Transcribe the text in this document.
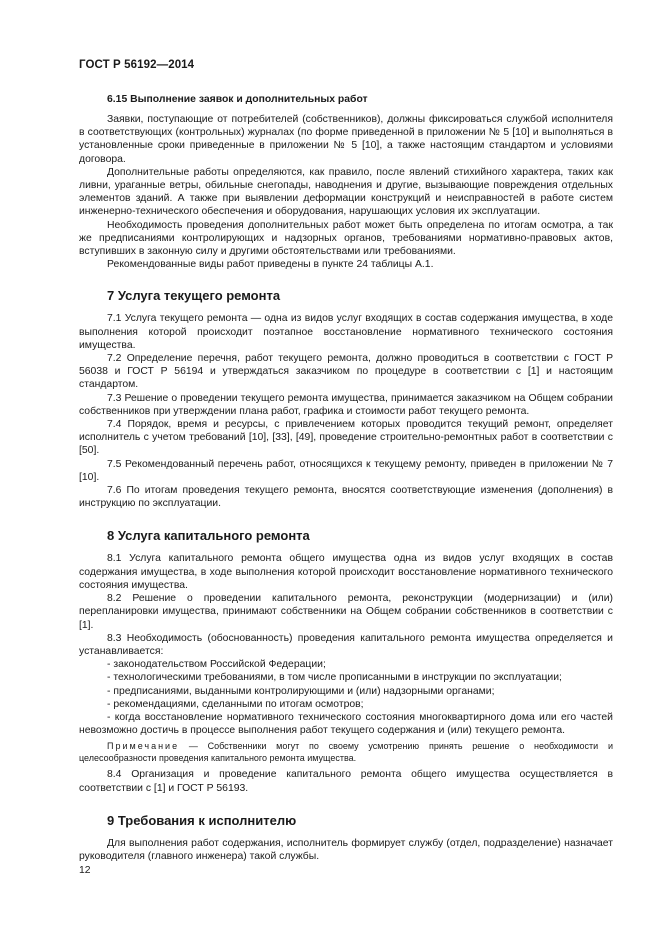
ГОСТ Р 56192—2014
6.15 Выполнение заявок и дополнительных работ

Заявки, поступающие от потребителей (собственников), должны фиксироваться службой исполнителя в соответствующих (контрольных) журналах (по форме приведенной в приложении № 5 [10] и выполняться в установленные сроки приведенные в приложении № 5 [10], а также настоящим стандартом и условиями договора.

Дополнительные работы определяются, как правило, после явлений стихийного характера, таких как ливни, ураганные ветры, обильные снегопады, наводнения и другие, вызывающие повреждения отдельных элементов зданий. А также при выявлении деформации конструкций и неисправностей в работе систем инженерно-технического обеспечения и оборудования, нарушающих условия их эксплуатации.

Необходимость проведения дополнительных работ может быть определена по итогам осмотра, а так же предписаниями контролирующих и надзорных органов, требованиями нормативно-правовых актов, вступивших в законную силу и другими обстоятельствами или требованиями.

Рекомендованные виды работ приведены в пункте 24 таблицы А.1.

7 Услуга текущего ремонта

7.1 Услуга текущего ремонта — одна из видов услуг входящих в состав содержания имущества, в ходе выполнения которой происходит поэтапное восстановление нормативного технического состояния имущества.

7.2 Определение перечня, работ текущего ремонта, должно проводиться в соответствии с ГОСТ Р 56038 и ГОСТ Р 56194 и утверждаться заказчиком по процедуре в соответствии с [1] и настоящим стандартом.

7.3 Решение о проведении текущего ремонта имущества, принимается заказчиком на Общем собрании собственников при утверждении плана работ, графика и стоимости работ текущего ремонта.

7.4 Порядок, время и ресурсы, с привлечением которых проводится текущий ремонт, определяет исполнитель с учетом требований [10], [33], [49], проведение строительно-ремонтных работ в соответствии с [50].

7.5 Рекомендованный перечень работ, относящихся к текущему ремонту, приведен в приложении № 7 [10].

7.6 По итогам проведения текущего ремонта, вносятся соответствующие изменения (дополнения) в инструкцию по эксплуатации.

8 Услуга капитального ремонта

8.1 Услуга капитального ремонта общего имущества одна из видов услуг входящих в состав содержания имущества, в ходе выполнения которой происходит восстановление нормативного технического состояния имущества.

8.2 Решение о проведении капитального ремонта, реконструкции (модернизации) и (или) перепланировки имущества, принимают собственники на Общем собрании собственников в соответствии с [1].

8.3 Необходимость (обоснованность) проведения капитального ремонта имущества определяется и устанавливается:

- законодательством Российской Федерации;
- технологическими требованиями, в том числе прописанными в инструкции по эксплуатации;
- предписаниями, выданными контролирующими и (или) надзорными органами;
- рекомендациями, сделанными по итогам осмотров;
- когда восстановление нормативного технического состояния многоквартирного дома или его частей невозможно достичь в процессе выполнения работ текущего содержания и (или) текущего ремонта.
Примечание — Собственники могут по своему усмотрению принять решение о необходимости и целесообразности проведения капитального ремонта имущества.

8.4 Организация и проведение капитального ремонта общего имущества осуществляется в соответствии с [1] и ГОСТ Р 56193.

9 Требования к исполнителю

Для выполнения работ содержания, исполнитель формирует службу (отдел, подразделение) назначает руководителя (главного инженера) такой службы.

12
